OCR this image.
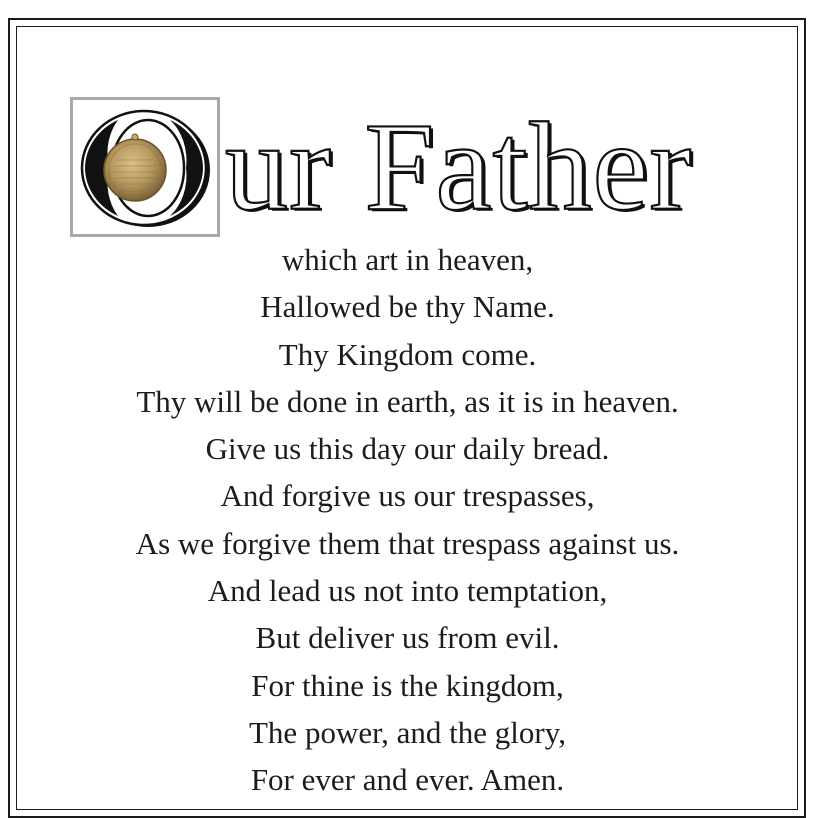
ur Father
which art in heaven,
Hallowed be thy Name.
Thy Kingdom come.
Thy will be done in earth, as it is in heaven.
Give us this day our daily bread.
And forgive us our trespasses,
As we forgive them that trespass against us.
And lead us not into temptation,
But deliver us from evil.
For thine is the kingdom,
The power, and the glory,
For ever and ever. Amen.
